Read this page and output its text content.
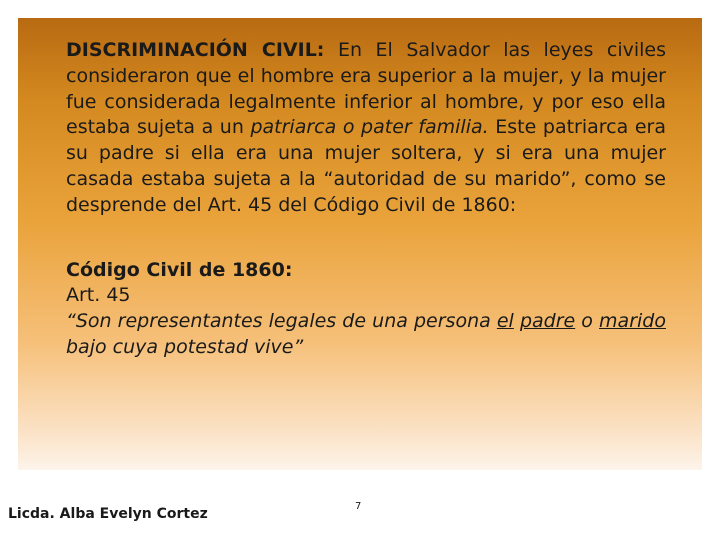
DISCRIMINACIÓN CIVIL: En El Salvador las leyes civiles consideraron que el hombre era superior a la mujer, y la mujer fue considerada legalmente inferior al hombre, y por eso ella estaba sujeta a un patriarca o pater familia. Este patriarca era su padre si ella era una mujer soltera, y si era una mujer casada estaba sujeta a la “autoridad de su marido”, como se desprende del Art. 45 del Código Civil de 1860:

Código Civil de 1860:
Art. 45
“Son representantes legales de una persona el padre o marido bajo cuya potestad vive”
Licda. Alba Evelyn Cortez	7
